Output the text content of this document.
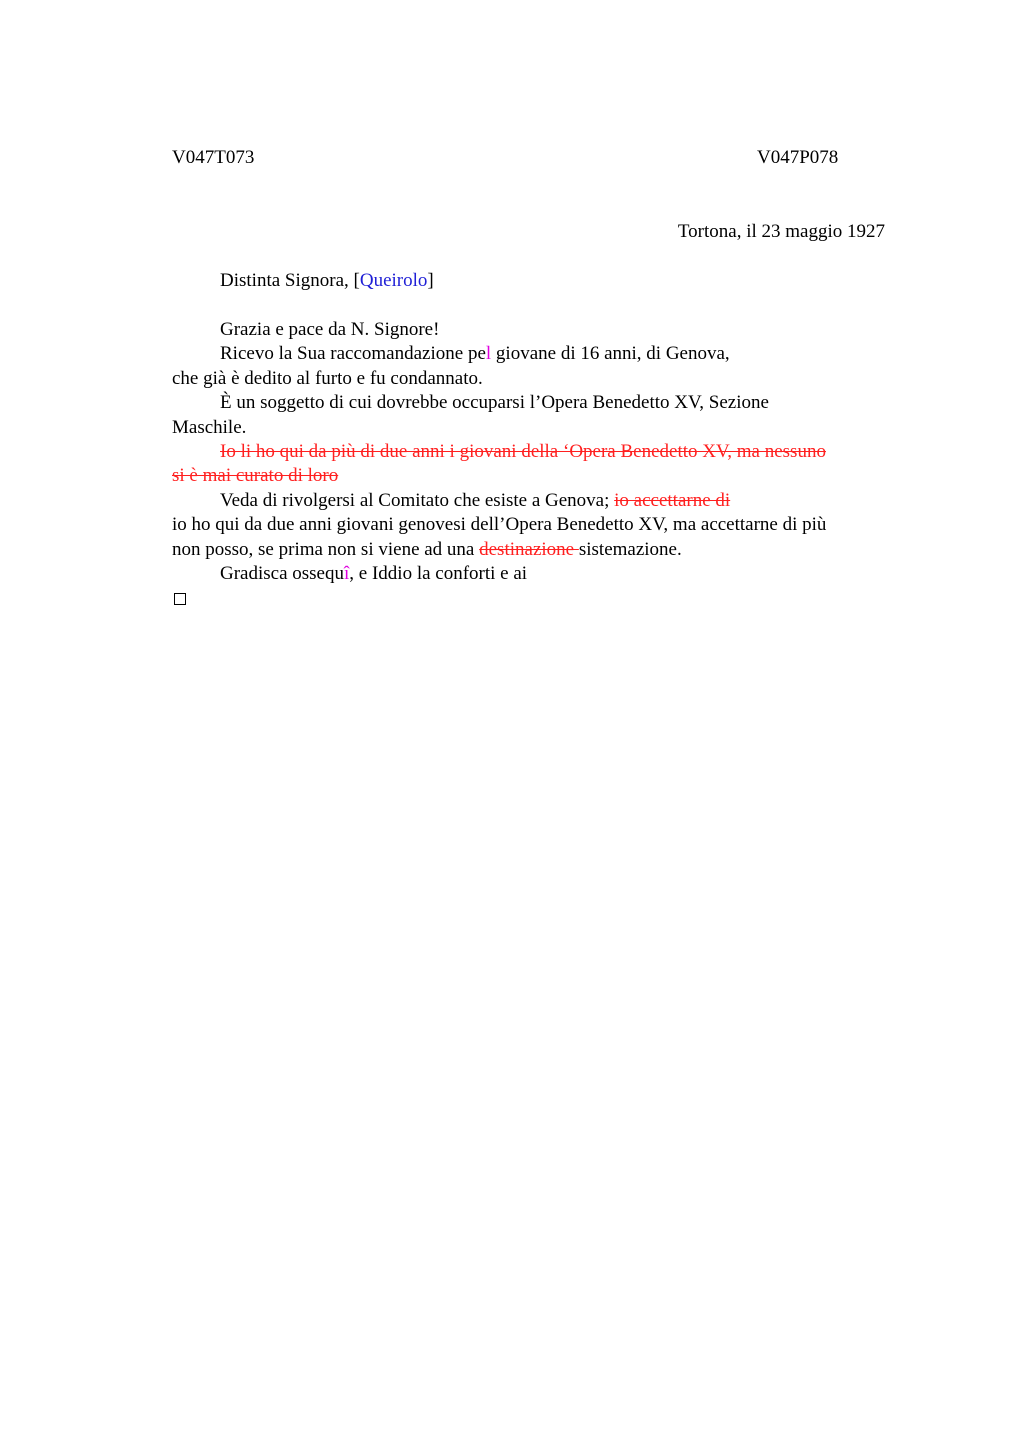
V047T073	V047P078
Tortona, il 23 maggio 1927
Distinta Signora, [Queirolo]
Grazia e pace da N. Signore!
Ricevo la Sua raccomandazione pel giovane di 16 anni, di Genova,
che già è dedito al furto e fu condannato.
È un soggetto di cui dovrebbe occuparsi l’Opera Benedetto XV, Sezione
Maschile.
Io li ho qui da più di due anni i giovani della ‘Opera Benedetto XV, ma nessuno
si è mai curato di loro
Veda di rivolgersi al Comitato che esiste a Genova; io accettarne di
io ho qui da due anni giovani genovesi dell’Opera Benedetto XV, ma accettarne di più
non posso, se prima non si viene ad una destinazione sistemazione.
Gradisca ossequî, e Iddio la conforti e ai
